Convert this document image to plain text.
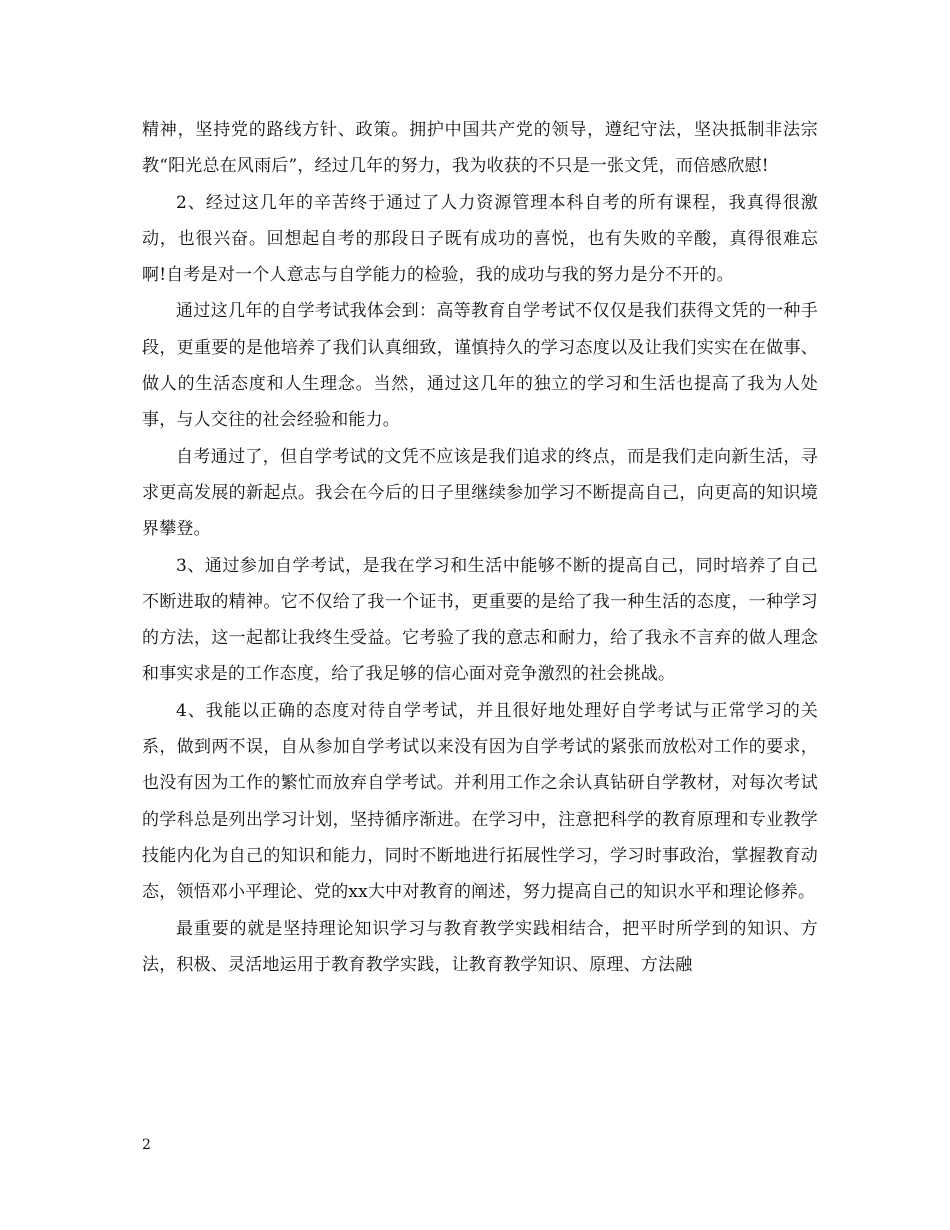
精神，坚持党的路线方针、政策。拥护中国共产党的领导，遵纪守法，坚决抵制非法宗教“阳光总在风雨后”，经过几年的努力，我为收获的不只是一张文凭，而倍感欣慰!

2、经过这几年的辛苦终于通过了人力资源管理本科自考的所有课程，我真得很激动，也很兴奋。回想起自考的那段日子既有成功的喜悦，也有失败的辛酸，真得很难忘啊!自考是对一个人意志与自学能力的检验，我的成功与我的努力是分不开的。

通过这几年的自学考试我体会到：高等教育自学考试不仅仅是我们获得文凭的一种手段，更重要的是他培养了我们认真细致，谨慎持久的学习态度以及让我们实实在在做事、做人的生活态度和人生理念。当然，通过这几年的独立的学习和生活也提高了我为人处事，与人交往的社会经验和能力。

自考通过了，但自学考试的文凭不应该是我们追求的终点，而是我们走向新生活，寻求更高发展的新起点。我会在今后的日子里继续参加学习不断提高自己，向更高的知识境界攀登。

3、通过参加自学考试，是我在学习和生活中能够不断的提高自己，同时培养了自己不断进取的精神。它不仅给了我一个证书，更重要的是给了我一种生活的态度，一种学习的方法，这一起都让我终生受益。它考验了我的意志和耐力，给了我永不言弃的做人理念和事实求是的工作态度，给了我足够的信心面对竞争激烈的社会挑战。

4、我能以正确的态度对待自学考试，并且很好地处理好自学考试与正常学习的关系，做到两不误，自从参加自学考试以来没有因为自学考试的紧张而放松对工作的要求，也没有因为工作的繁忙而放弃自学考试。并利用工作之余认真钻研自学教材，对每次考试的学科总是列出学习计划，坚持循序渐进。在学习中，注意把科学的教育原理和专业教学技能内化为自己的知识和能力，同时不断地进行拓展性学习，学习时事政治，掌握教育动态，领悟邓小平理论、党的xx大中对教育的阐述，努力提高自己的知识水平和理论修养。

最重要的就是坚持理论知识学习与教育教学实践相结合，把平时所学到的知识、方法，积极、灵活地运用于教育教学实践，让教育教学知识、原理、方法融

2
